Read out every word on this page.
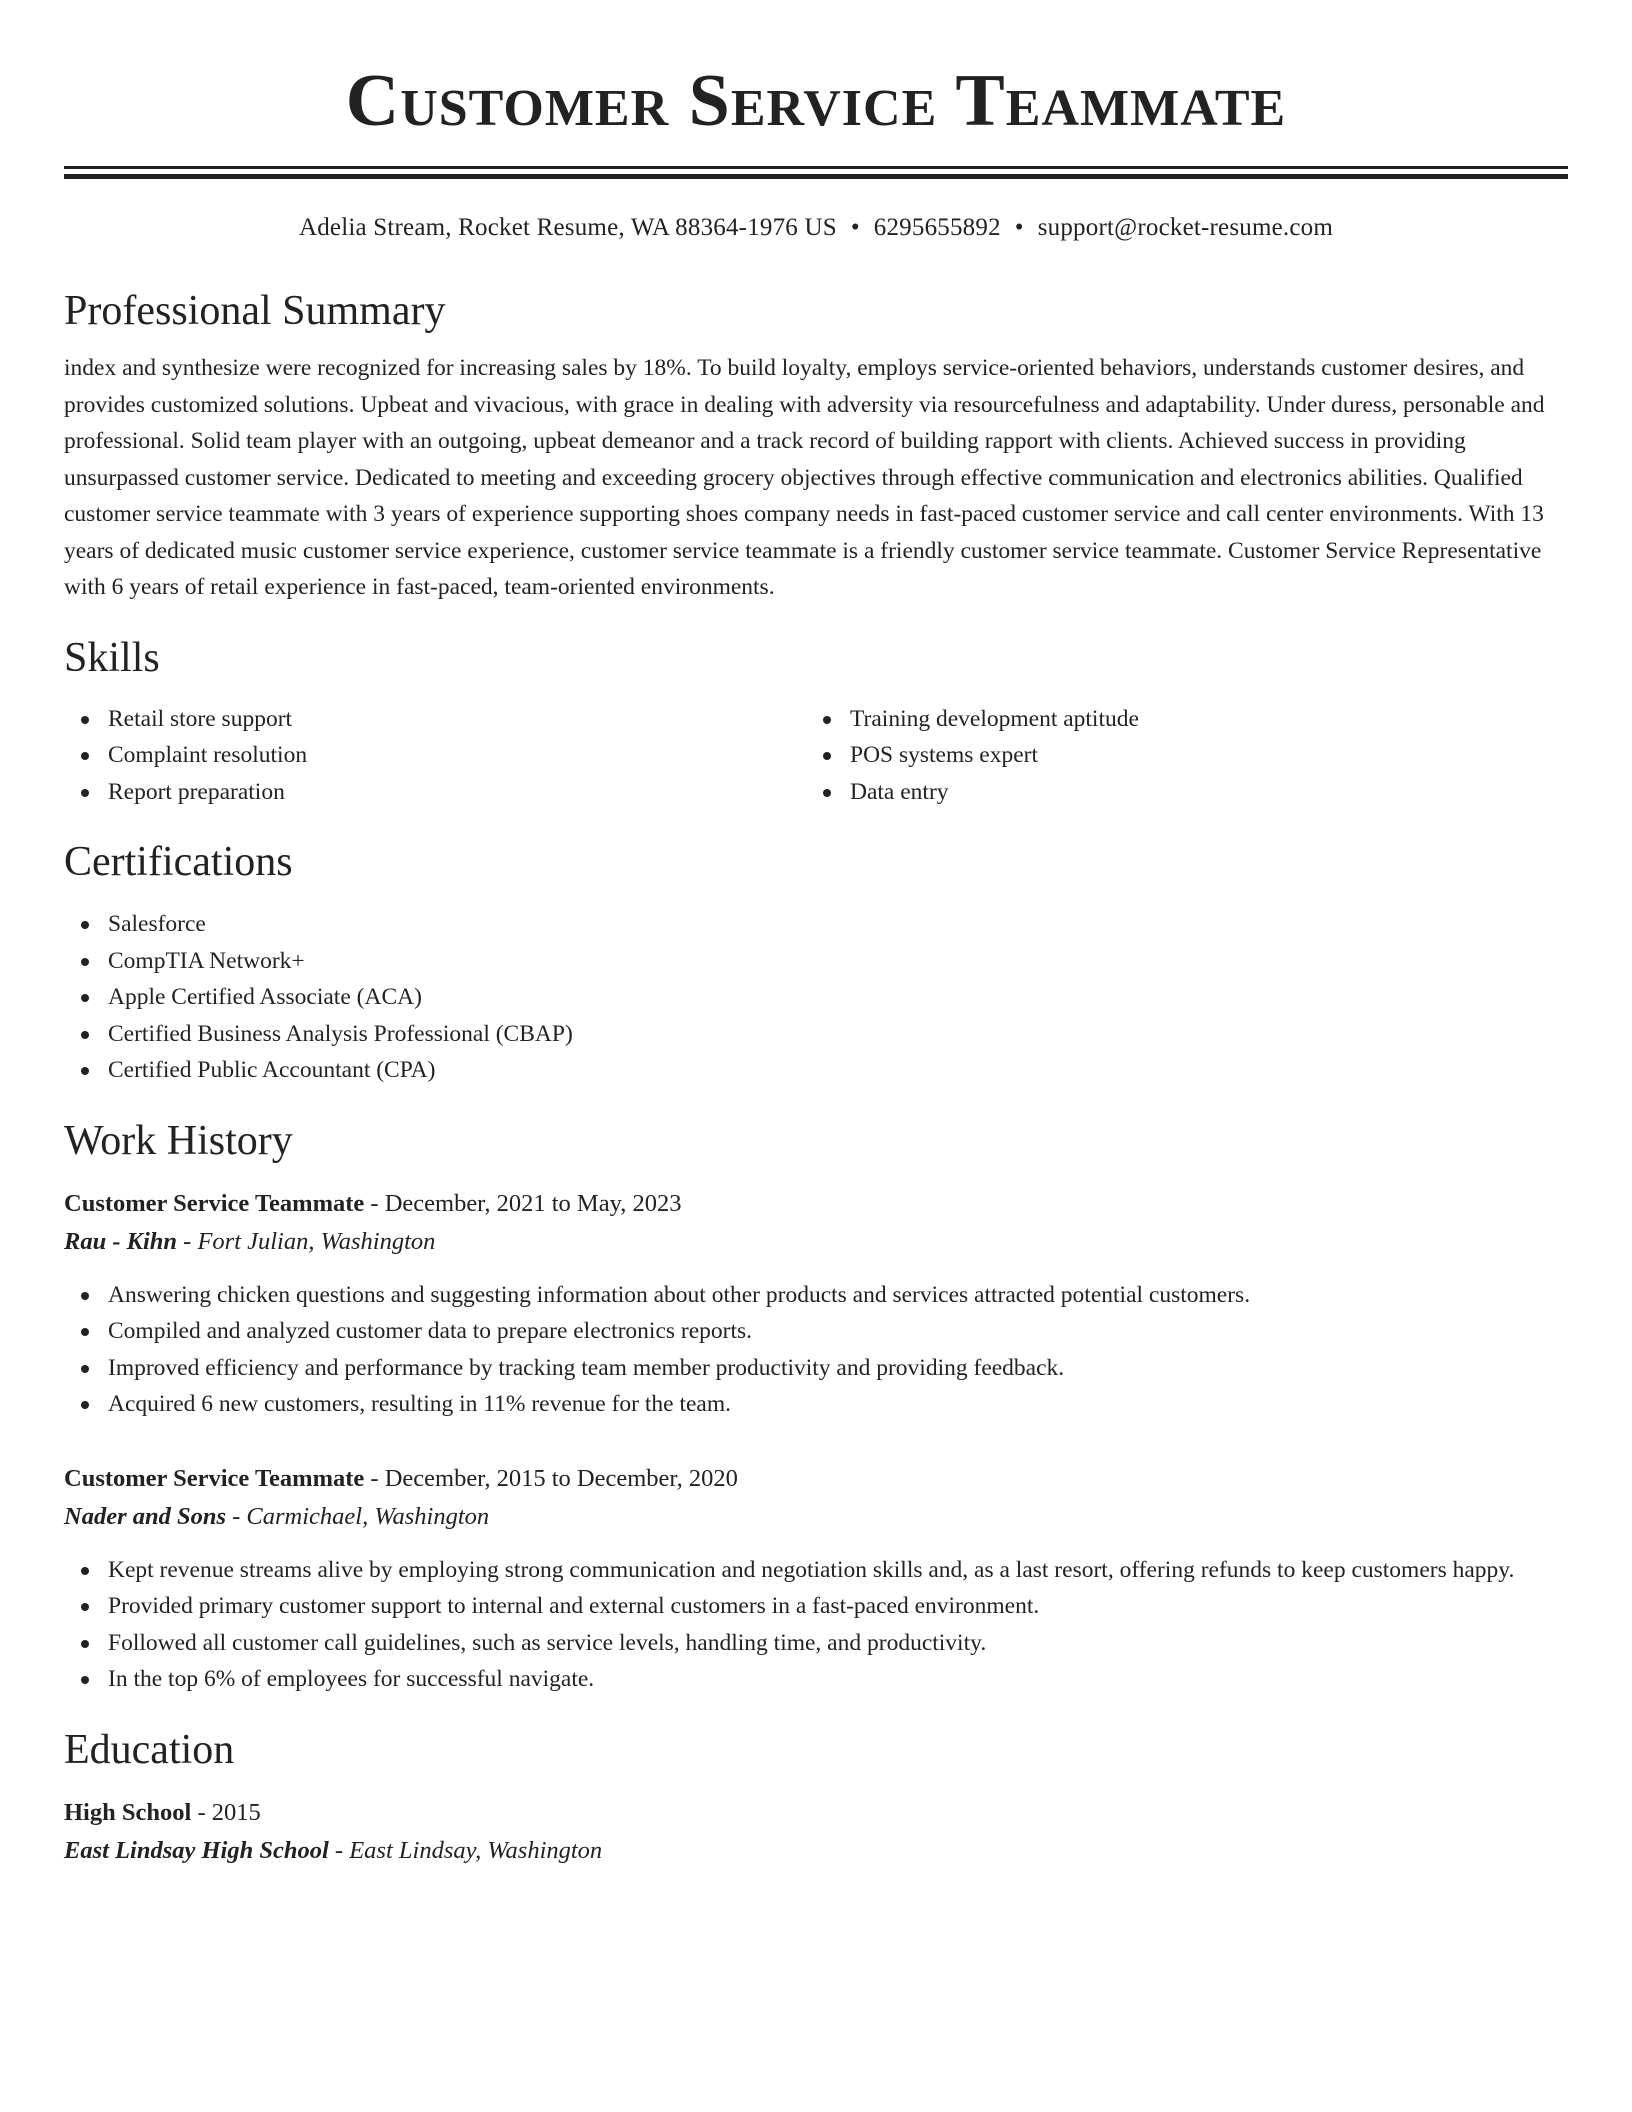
Customer Service Teammate
Adelia Stream, Rocket Resume, WA 88364-1976 US • 6295655892 • support@rocket-resume.com
Professional Summary

index and synthesize were recognized for increasing sales by 18%. To build loyalty, employs service-oriented behaviors, understands customer desires, and provides customized solutions. Upbeat and vivacious, with grace in dealing with adversity via resourcefulness and adaptability. Under duress, personable and professional. Solid team player with an outgoing, upbeat demeanor and a track record of building rapport with clients. Achieved success in providing unsurpassed customer service. Dedicated to meeting and exceeding grocery objectives through effective communication and electronics abilities. Qualified customer service teammate with 3 years of experience supporting shoes company needs in fast-paced customer service and call center environments. With 13 years of dedicated music customer service experience, customer service teammate is a friendly customer service teammate. Customer Service Representative with 6 years of retail experience in fast-paced, team-oriented environments.

Skills
Retail store support
Complaint resolution
Report preparation
Training development aptitude
POS systems expert
Data entry
Certifications
Salesforce
CompTIA Network+
Apple Certified Associate (ACA)
Certified Business Analysis Professional (CBAP)
Certified Public Accountant (CPA)
Work History
Customer Service Teammate - December, 2021 to May, 2023
Rau - Kihn - Fort Julian, Washington
Answering chicken questions and suggesting information about other products and services attracted potential customers.
Compiled and analyzed customer data to prepare electronics reports.
Improved efficiency and performance by tracking team member productivity and providing feedback.
Acquired 6 new customers, resulting in 11% revenue for the team.
Customer Service Teammate - December, 2015 to December, 2020
Nader and Sons - Carmichael, Washington
Kept revenue streams alive by employing strong communication and negotiation skills and, as a last resort, offering refunds to keep customers happy.
Provided primary customer support to internal and external customers in a fast-paced environment.
Followed all customer call guidelines, such as service levels, handling time, and productivity.
In the top 6% of employees for successful navigate.
Education
High School - 2015
East Lindsay High School - East Lindsay, Washington
